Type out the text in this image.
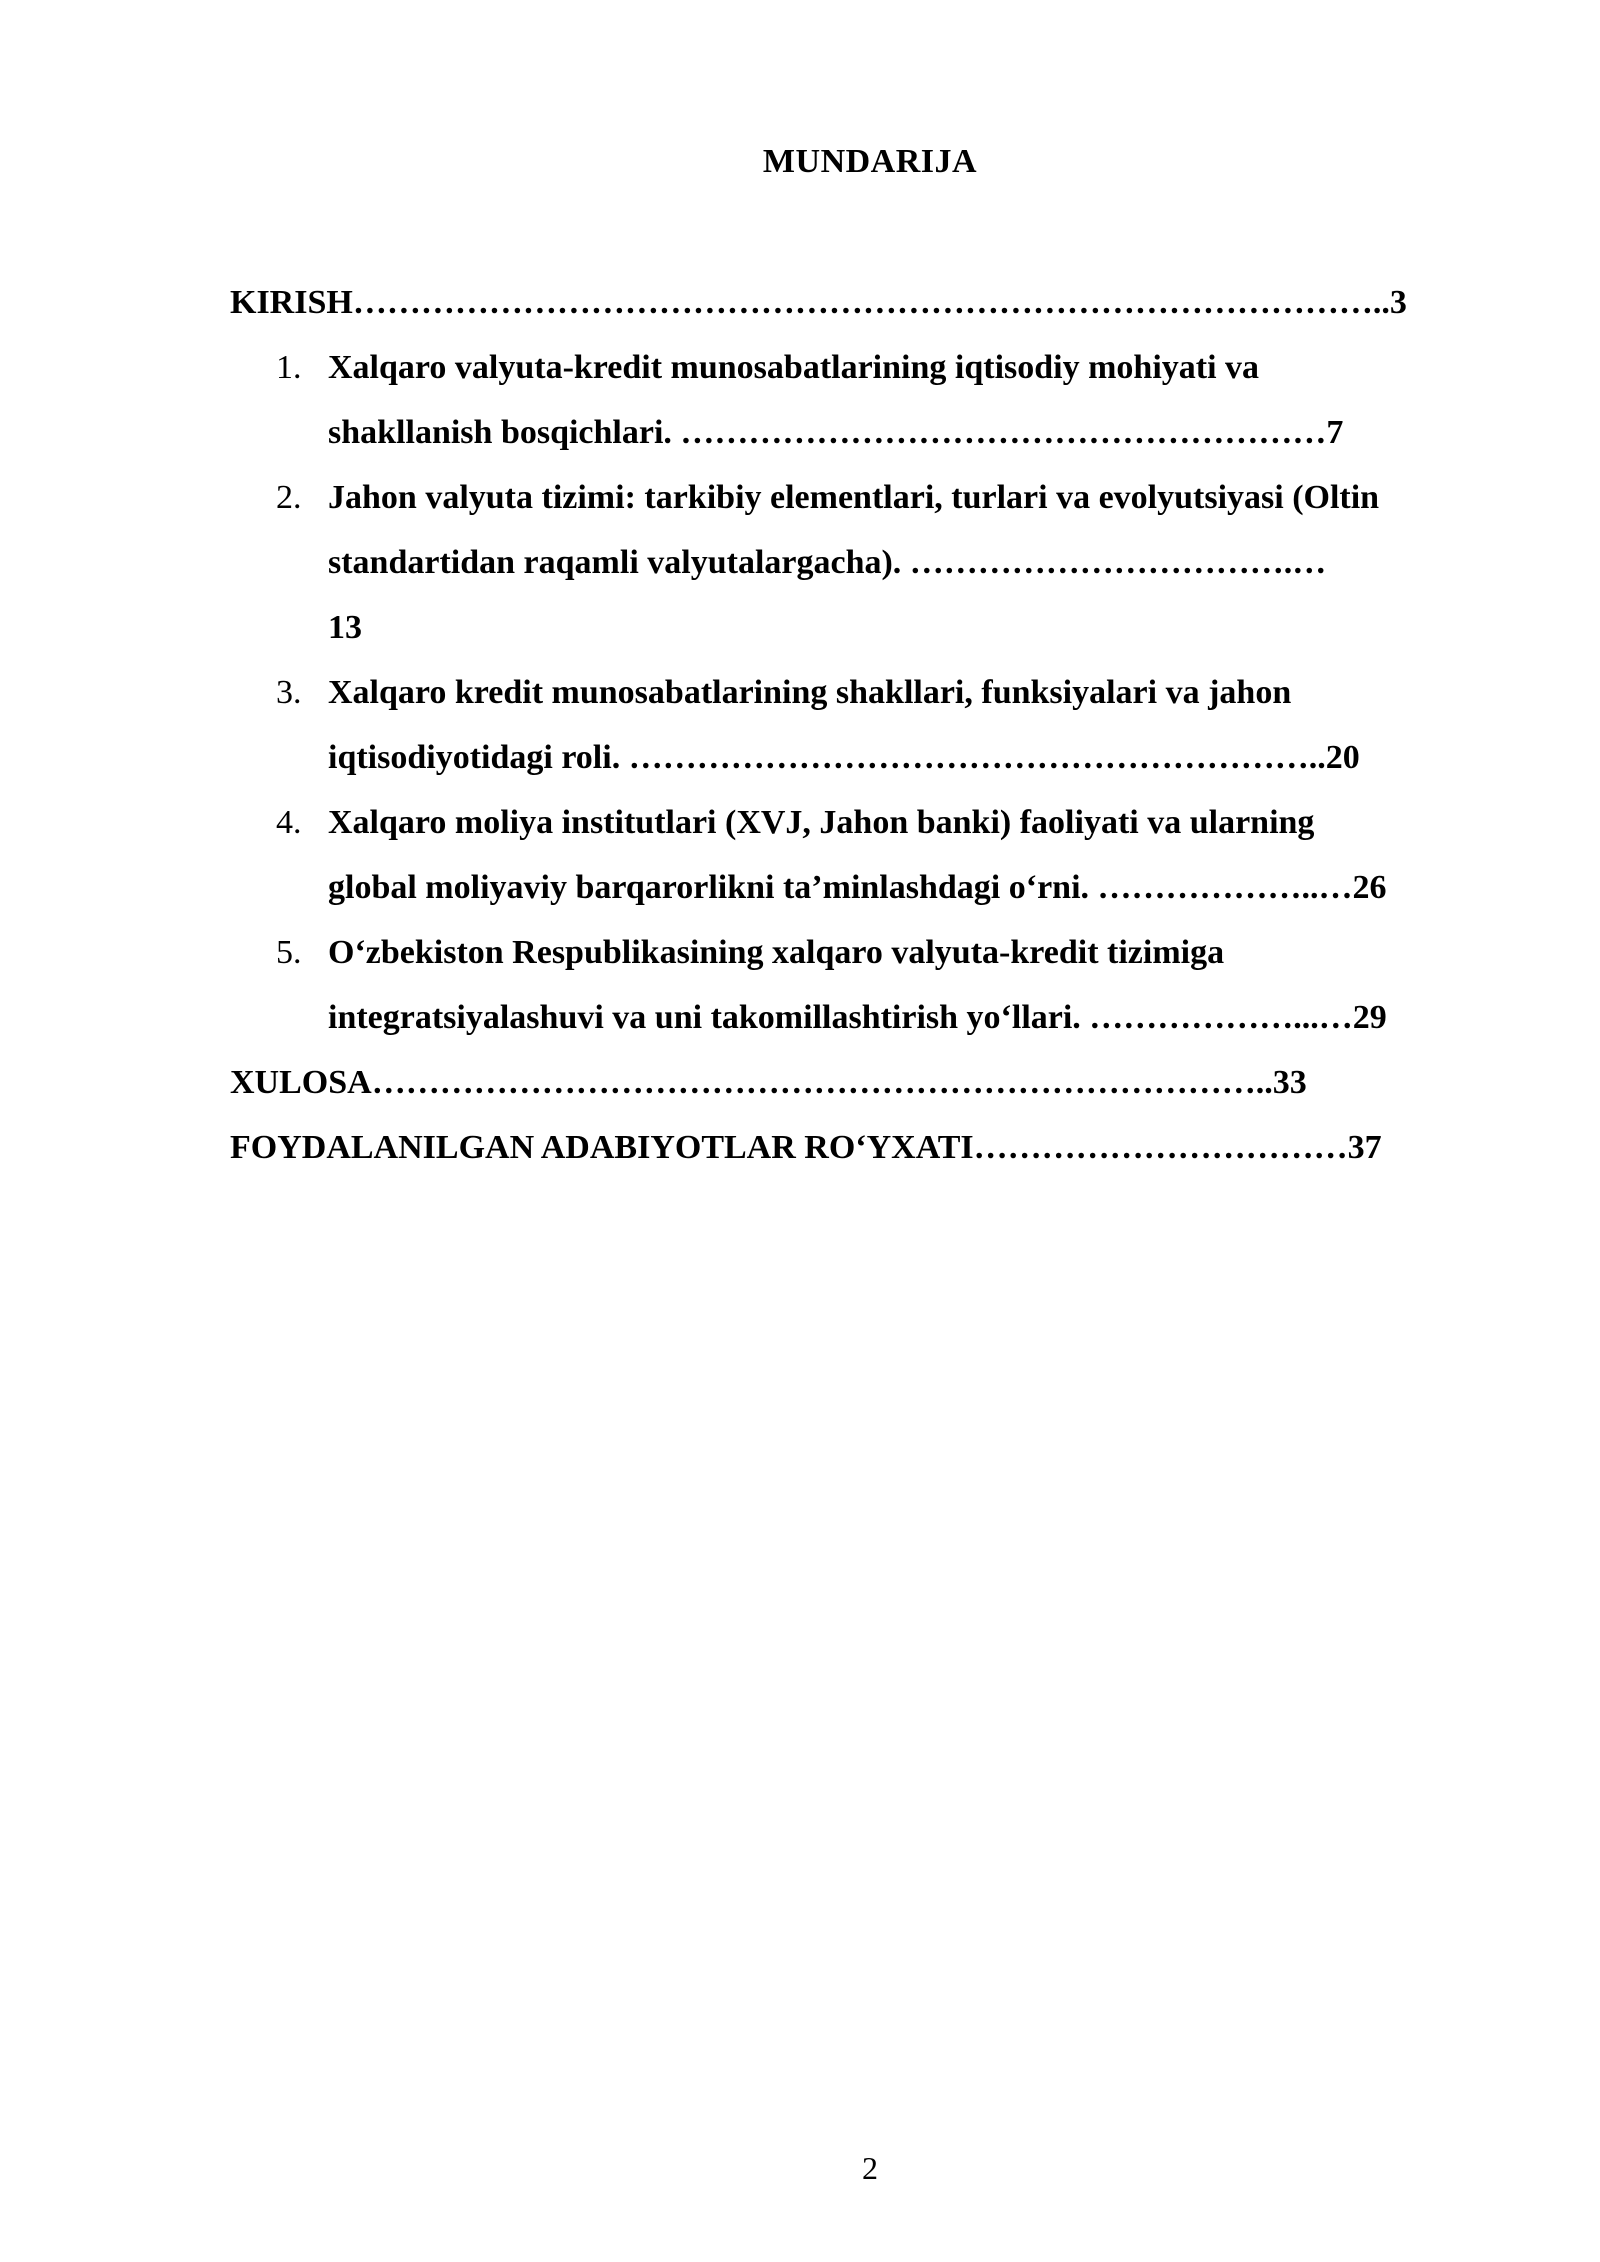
MUNDARIJA
KIRISH………………………………………………………………………………..3
1. Xalqaro valyuta-kredit munosabatlarining iqtisodiy mohiyati va
shakllanish bosqichlari. …………………………………………………7
2. Jahon valyuta tizimi: tarkibiy elementlari, turlari va evolyutsiyasi (Oltin
standartidan raqamli valyutalargacha). …………………………….…
13
3. Xalqaro kredit munosabatlarining shakllari, funksiyalari va jahon
iqtisodiyotidagi roli. ……………………………………………………..20
4. Xalqaro moliya institutlari (XVJ, Jahon banki) faoliyati va ularning
global moliyaviy barqarorlikni ta’minlashdagi o‘rni. ………………..…26
5. O‘zbekiston Respublikasining xalqaro valyuta-kredit tizimiga
integratsiyalashuvi va uni takomillashtirish yo‘llari. ………………...…29
XULOSA……………………………………………………………………..33
FOYDALANILGAN ADABIYOTLAR RO‘YXATI……………………………37
2
